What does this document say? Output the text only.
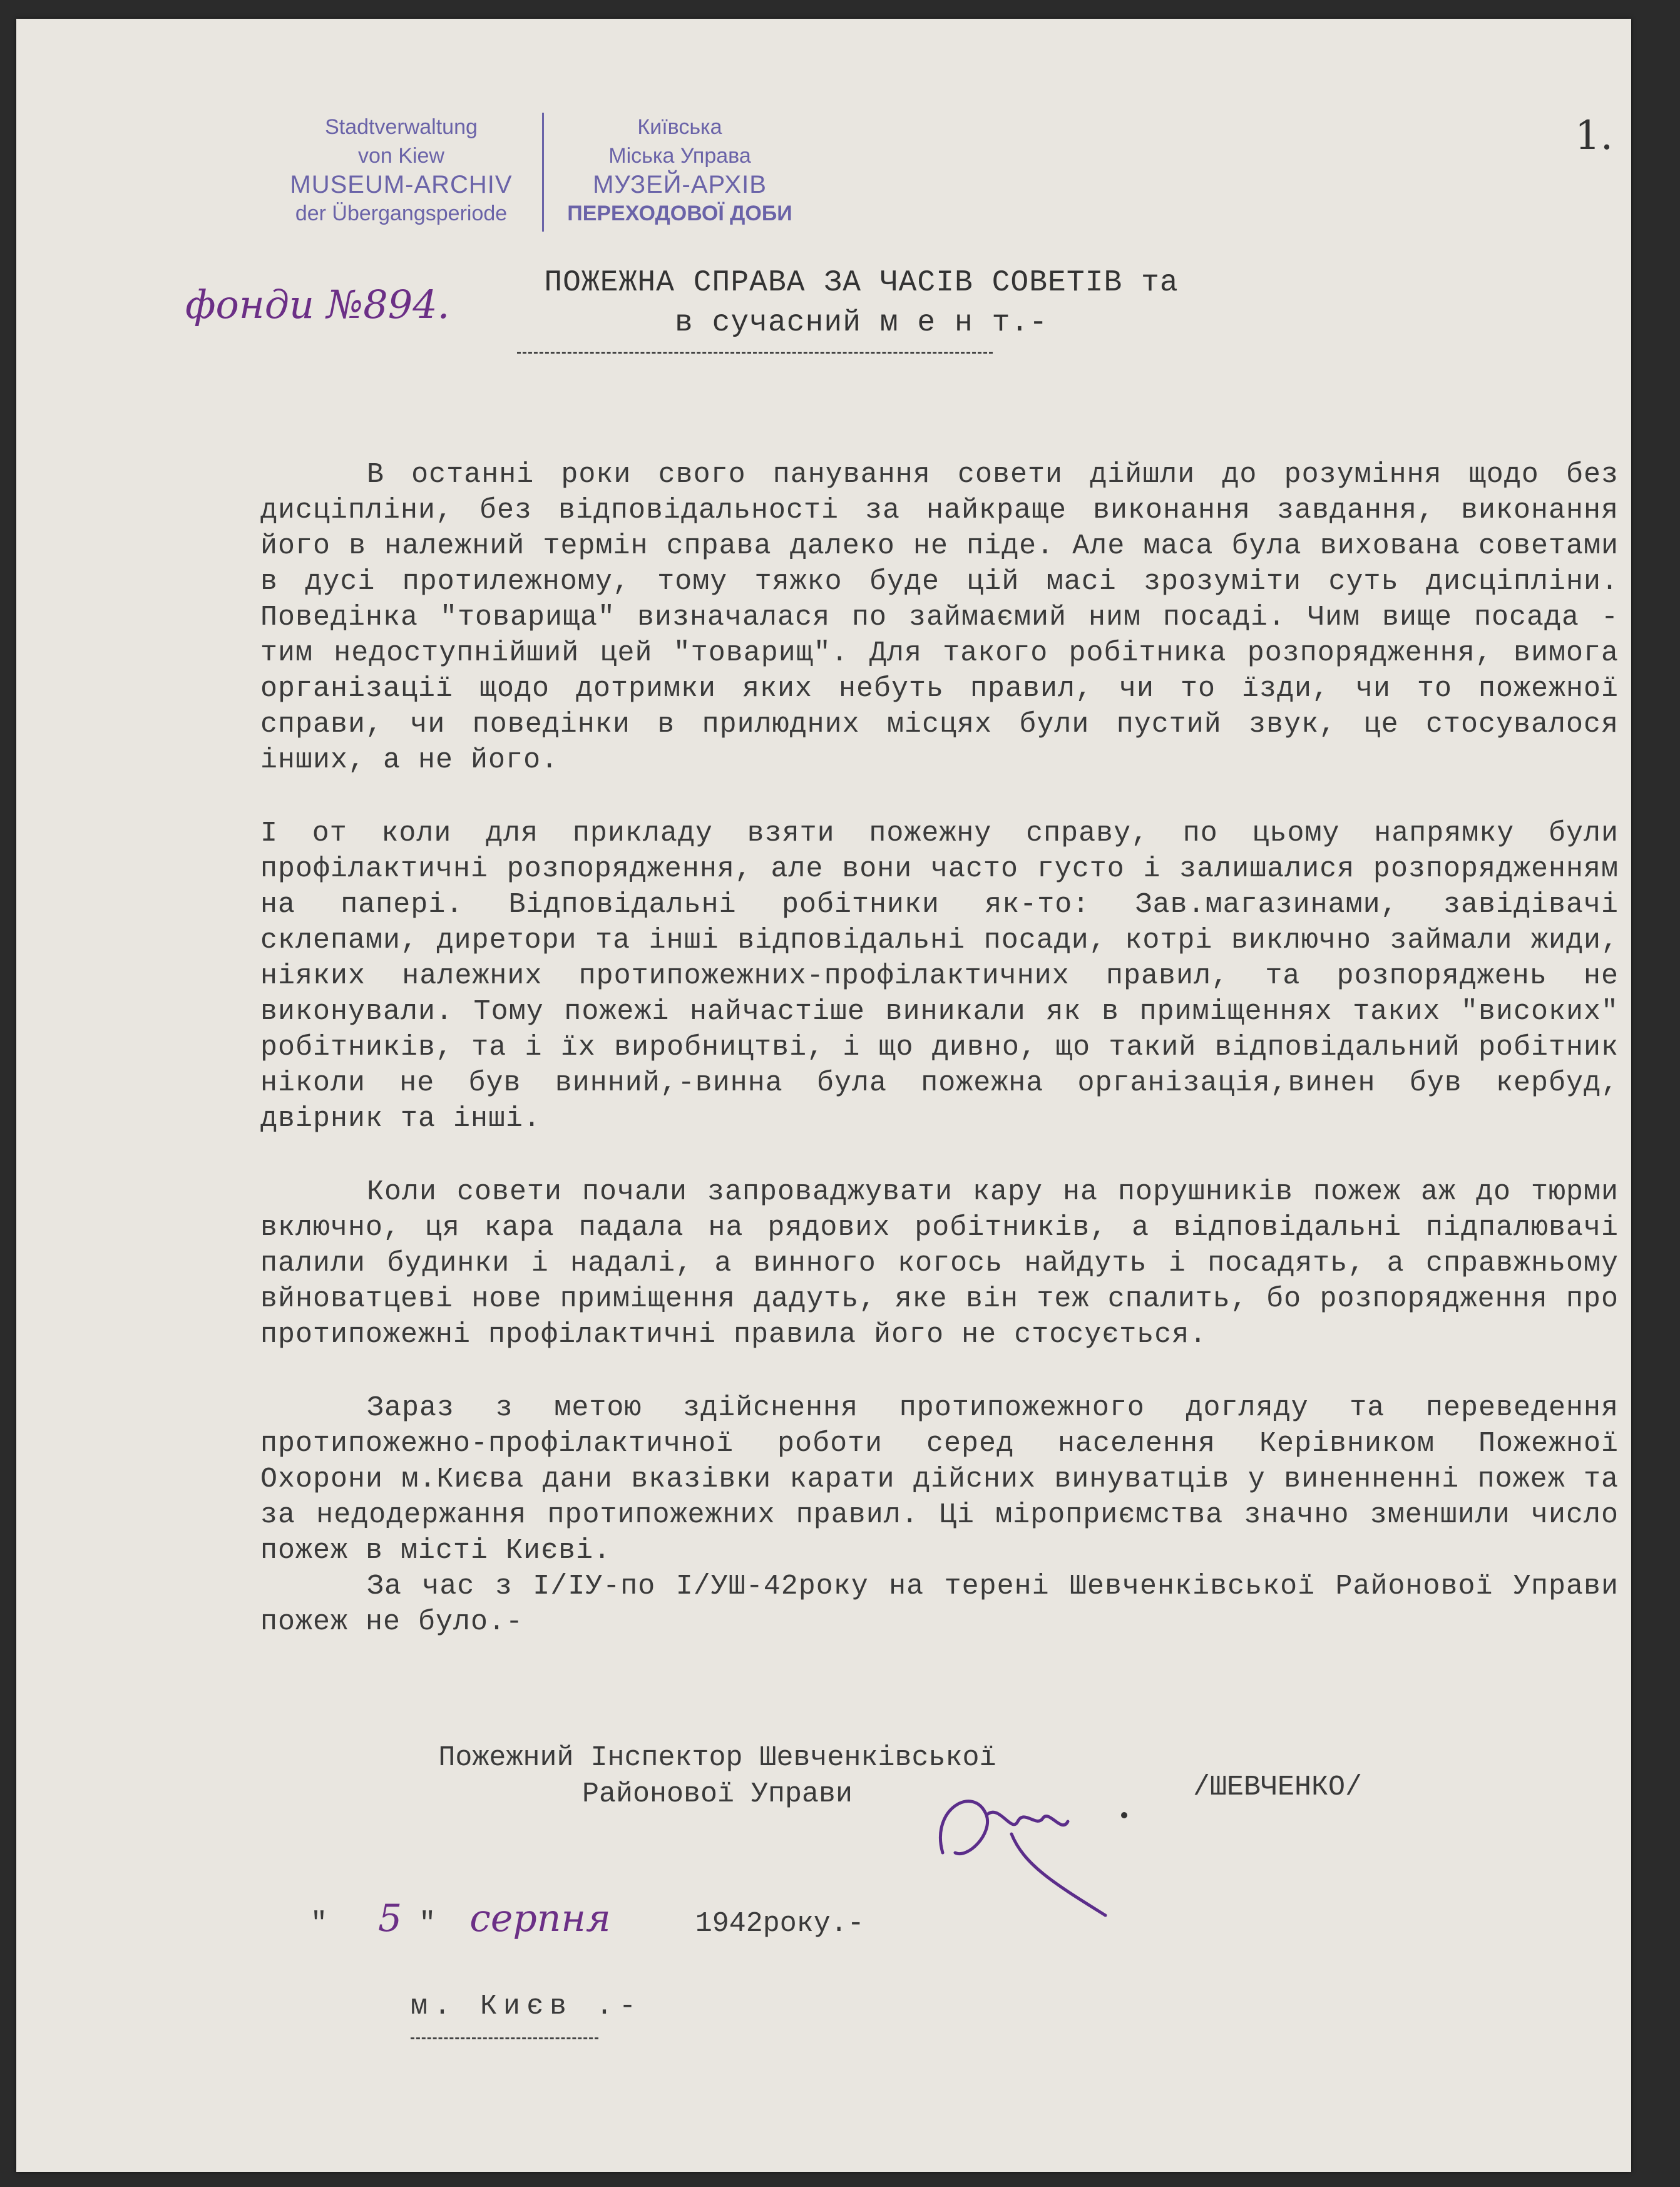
Stadtverwaltung
von Kiew
MUSEUM-ARCHIV
der Übergangsperiode
Київська
Міська Управа
МУЗЕЙ-АРХІВ
ПЕРЕХОДОВОЇ ДОБИ
1.
фонди №894.	ПОЖЕЖНА СПРАВА ЗА ЧАСІВ СОВЕТІВ та
в сучасний м е н т.-

В останні роки свого панування совети дійшли до розуміння щодо без дисціпліни, без відповідальності за найкраще виконання завдання, виконання його в належний термін справа далеко не піде. Але маса була вихована советами в дусі протилежному, тому тяжко буде цій масі зрозуміти суть дисціпліни. Поведінка "товарища" визначалася по займаємий ним посаді. Чим вище посада - тим недоступнійший цей "товарищ". Для такого робітника розпорядження, вимога організації щодо дотримки яких небуть правил, чи то їзди, чи то пожежної справи, чи поведінки в прилюдних місцях були пустий звук, це стосувалося інших, а не його.

І от коли для прикладу взяти пожежну справу, по цьому напрямку були профілактичні розпорядження, але вони часто густо і залишалися розпорядженням на папері. Відповідальні робітники як-то: Зав.магазинами, завідівачі склепами, диретори та інші відповідальні посади, котрі виключно займали жиди, ніяких належних протипожежних-профілактичних правил, та розпоряджень не виконували. Тому пожежі найчастіше виникали як в приміщеннях таких "високих" робітників, та і їх виробництві, і що дивно, що такий відповідальний робітник ніколи не був винний,-винна була пожежна організація,винен був кербуд, двірник та інші.

Коли совети почали запроваджувати кару на порушників пожеж аж до тюрми включно, ця кара падала на рядових робітників, а відповідальні підпалювачі палили будинки і надалі, а винного когось найдуть і посадять, а справжньому вйноватцеві нове приміщення дадуть, яке він теж спалить, бо розпорядження про протипожежні профілактичні правила його не стосується.

Зараз з метою здійснення протипожежного догляду та переведення протипожежно-профілактичної роботи серед населення Керівником Пожежної Охорони м.Києва дани вказівки карати дійсних винуватців у виненненні пожеж та за недодержання протипожежних правил. Ці міроприємства значно зменшили число пожеж в місті Києві.

За час з І/ІУ-по І/УШ-42року на терені Шевченківської Районової Управи пожеж не було.-

Пожежний Інспектор Шевченківської
Районової Управи	/ШЕВЧЕНКО/
" 5 " серпня	1942року.-
м. Києв .-
